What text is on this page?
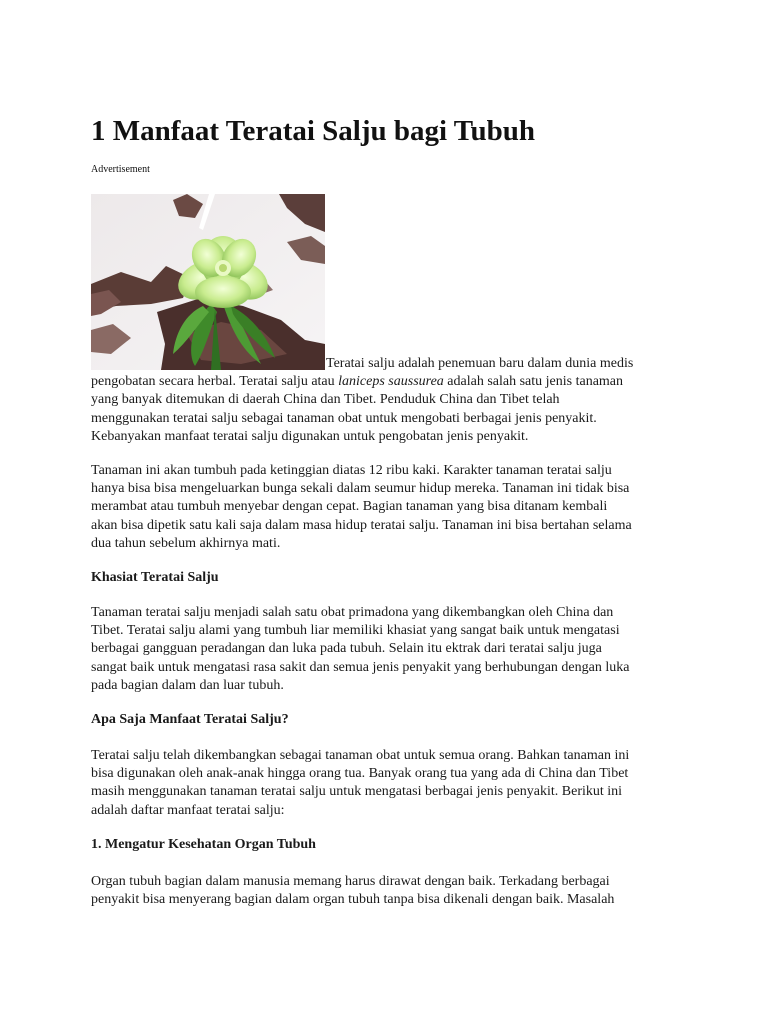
1 Manfaat Teratai Salju bagi Tubuh
Advertisement

Teratai salju adalah penemuan baru dalam dunia medis
pengobatan secara herbal. Teratai salju atau laniceps saussurea adalah salah satu jenis tanaman
yang banyak ditemukan di daerah China dan Tibet. Penduduk China dan Tibet telah
menggunakan teratai salju sebagai tanaman obat untuk mengobati berbagai jenis penyakit.
Kebanyakan manfaat teratai salju digunakan untuk pengobatan jenis penyakit.

Tanaman ini akan tumbuh pada ketinggian diatas 12 ribu kaki. Karakter tanaman teratai salju
hanya bisa bisa mengeluarkan bunga sekali dalam seumur hidup mereka. Tanaman ini tidak bisa
merambat atau tumbuh menyebar dengan cepat. Bagian tanaman yang bisa ditanam kembali
akan bisa dipetik satu kali saja dalam masa hidup teratai salju. Tanaman ini bisa bertahan selama
dua tahun sebelum akhirnya mati.

Khasiat Teratai Salju

Tanaman teratai salju menjadi salah satu obat primadona yang dikembangkan oleh China dan
Tibet. Teratai salju alami yang tumbuh liar memiliki khasiat yang sangat baik untuk mengatasi
berbagai gangguan peradangan dan luka pada tubuh. Selain itu ektrak dari teratai salju juga
sangat baik untuk mengatasi rasa sakit dan semua jenis penyakit yang berhubungan dengan luka
pada bagian dalam dan luar tubuh.

Apa Saja Manfaat Teratai Salju?

Teratai salju telah dikembangkan sebagai tanaman obat untuk semua orang. Bahkan tanaman ini
bisa digunakan oleh anak-anak hingga orang tua. Banyak orang tua yang ada di China dan Tibet
masih menggunakan tanaman teratai salju untuk mengatasi berbagai jenis penyakit. Berikut ini
adalah daftar manfaat teratai salju:

1. Mengatur Kesehatan Organ Tubuh

Organ tubuh bagian dalam manusia memang harus dirawat dengan baik. Terkadang berbagai
penyakit bisa menyerang bagian dalam organ tubuh tanpa bisa dikenali dengan baik. Masalah
